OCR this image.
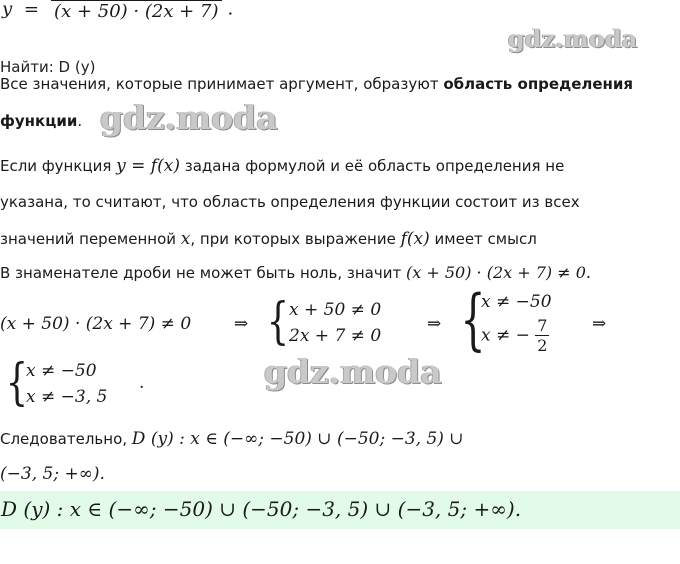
y = (x + 50) · (2x + 7) .
Найти: D (y)
Все значения, которые принимает аргумент, образуют область определения
функции.
Если функция y = f(x) задана формулой и её область определения не
указана, то считают, что область определения функции состоит из всех
значений переменной x, при которых выражение f(x) имеет смысл
В знаменателе дроби не может быть ноль, значит (x + 50) · (2x + 7) ≠ 0.
(x + 50) · (2x + 7) ≠ 0	⇒ { x + 50 ≠ 0
2x + 7 ≠ 0
⇒ {
x ≠ −50
x ≠ − $\frac{7}{2}$	⇒
{
x ≠ −50
x ≠ −3, 5
.
Следовательно, D (y) : x ∈ (−∞; −50) ∪ (−50; −3, 5) ∪
(−3, 5; +∞).
D (y) : x ∈ (−∞; −50) ∪ (−50; −3, 5) ∪ (−3, 5; +∞).
gdz.moda
gdz.moda
gdz.moda
